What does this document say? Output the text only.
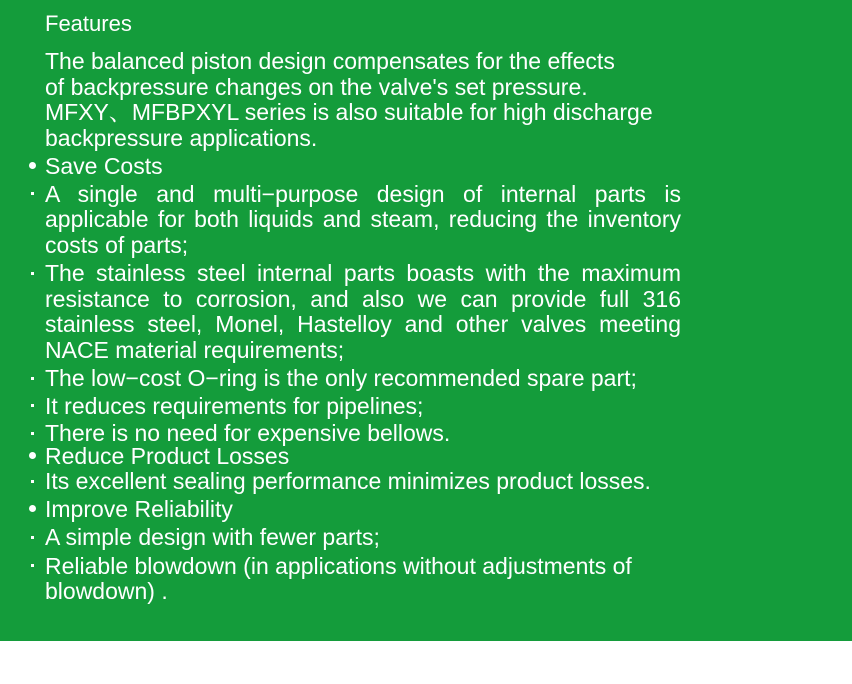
Features
The balanced piston design compensates for the effects
of backpressure changes on the valve's set pressure.
MFXY、MFBPXYL series is also suitable for high discharge
backpressure applications.
Save Costs
A single and multi−purpose design of internal parts is applicable for both liquids and steam, reducing the inventory costs of parts;
The stainless steel internal parts boasts with the maximum resistance to corrosion, and also we can provide full 316 stainless steel, Monel, Hastelloy and other valves meeting NACE material requirements;
The low−cost O−ring is the only recommended spare part;
It reduces requirements for pipelines;
There is no need for expensive bellows.
Reduce Product Losses
Its excellent sealing performance minimizes product losses.
Improve Reliability
A simple design with fewer parts;
Reliable blowdown (in applications without adjustments of blowdown) .
